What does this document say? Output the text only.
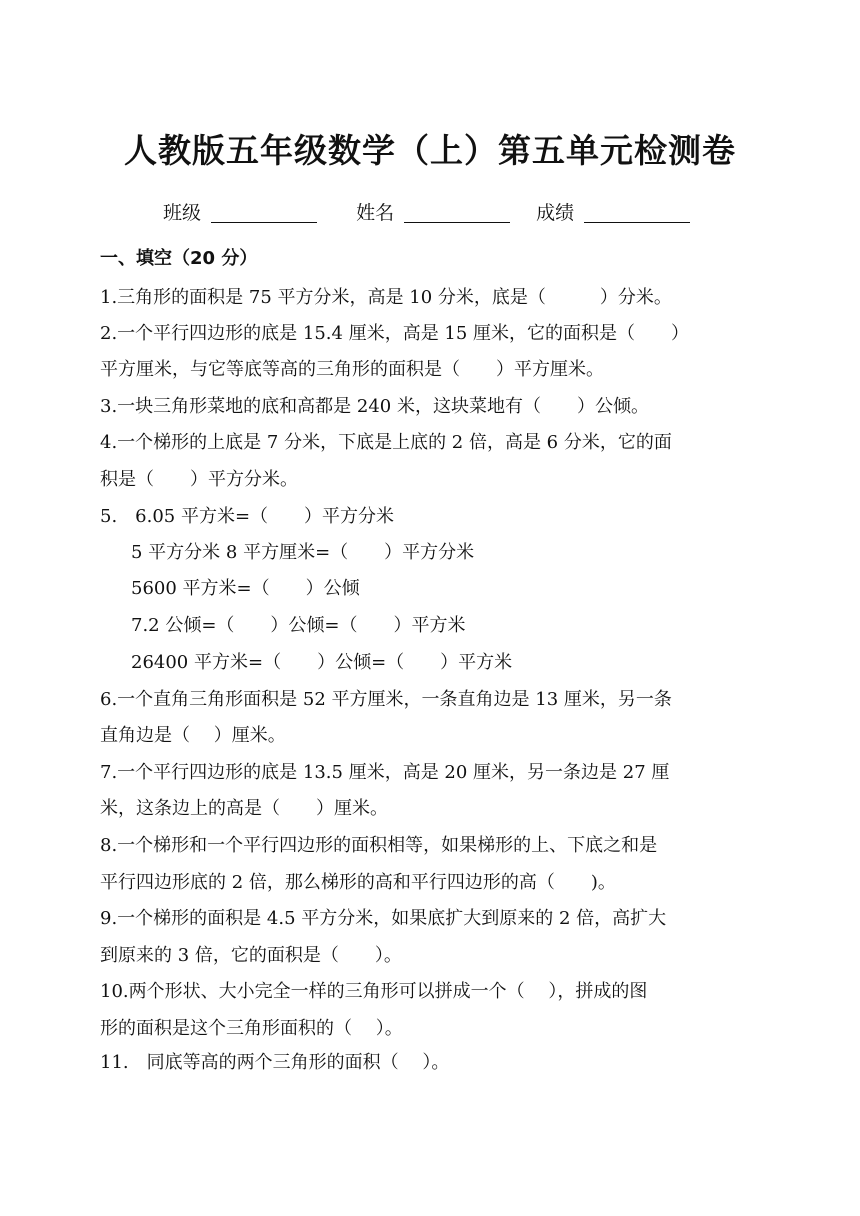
人教版五年级数学（上）第五单元检测卷
班级	姓名	成绩
一、填空（20 分）
1.三角形的面积是 75 平方分米，高是 10 分米，底是（　　　）分米。
2.一个平行四边形的底是 15.4 厘米，高是 15 厘米，它的面积是（　　）
平方厘米，与它等底等高的三角形的面积是（　　）平方厘米。
3.一块三角形菜地的底和高都是 240 米，这块菜地有（　　）公倾。
4.一个梯形的上底是 7 分米，下底是上底的 2 倍，高是 6 分米，它的面
积是（　　）平方分米。
5.　6.05 平方米=（　　）平方分米
5 平方分米 8 平方厘米=（　　）平方分米
5600 平方米=（　　）公倾
7.2 公倾=（　　）公倾=（　　）平方米
26400 平方米=（　　）公倾=（　　）平方米
6.一个直角三角形面积是 52 平方厘米，一条直角边是 13 厘米，另一条
直角边是（　 ）厘米。
7.一个平行四边形的底是 13.5 厘米，高是 20 厘米，另一条边是 27 厘
米，这条边上的高是（　　）厘米。
8.一个梯形和一个平行四边形的面积相等，如果梯形的上、下底之和是
平行四边形底的 2 倍，那么梯形的高和平行四边形的高（　　)。
9.一个梯形的面积是 4.5 平方分米，如果底扩大到原来的 2 倍，高扩大
到原来的 3 倍，它的面积是（　　）。
10.两个形状、大小完全一样的三角形可以拼成一个（　 ），拼成的图
形的面积是这个三角形面积的（　 ）。
11.　同底等高的两个三角形的面积（　 ）。
